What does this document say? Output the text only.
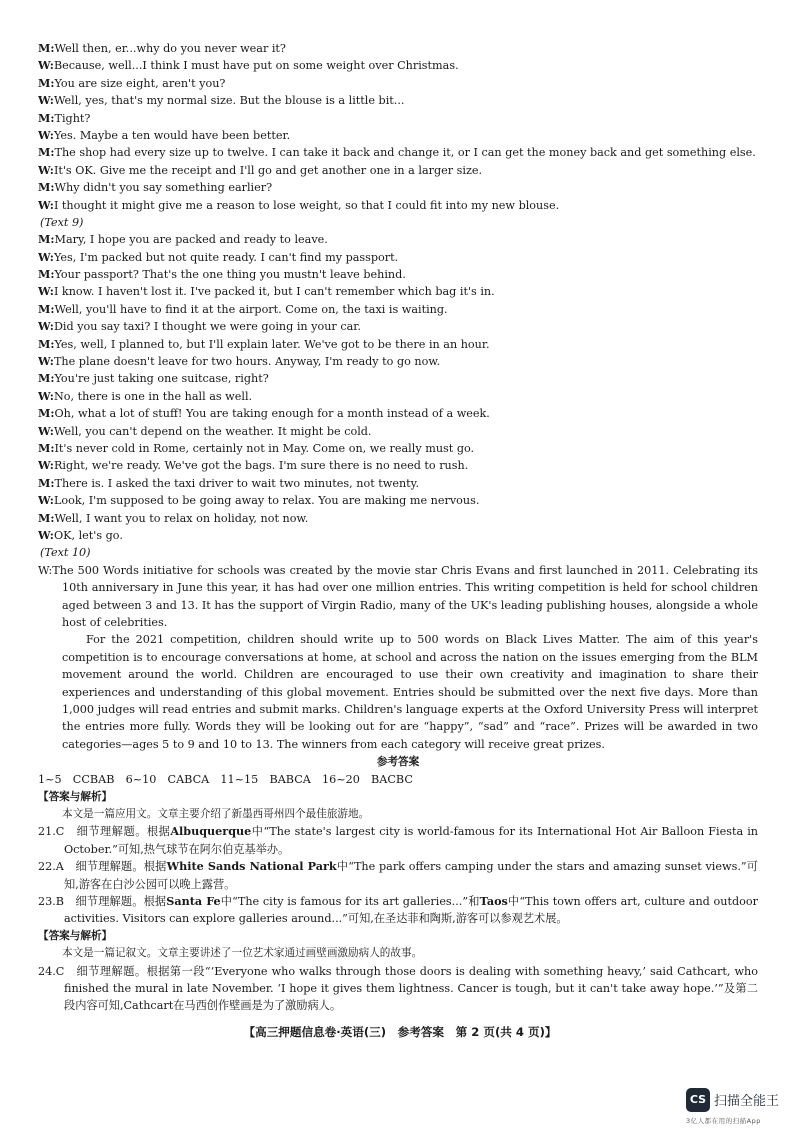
M:Well then, er...why do you never wear it?
W:Because, well...I think I must have put on some weight over Christmas.
M:You are size eight, aren't you?
W:Well, yes, that's my normal size. But the blouse is a little bit...
M:Tight?
W:Yes. Maybe a ten would have been better.
M:The shop had every size up to twelve. I can take it back and change it, or I can get the money back and get something else.
W:It's OK. Give me the receipt and I'll go and get another one in a larger size.
M:Why didn't you say something earlier?
W:I thought it might give me a reason to lose weight, so that I could fit into my new blouse.
(Text 9)
M:Mary, I hope you are packed and ready to leave.
W:Yes, I'm packed but not quite ready. I can't find my passport.
M:Your passport? That's the one thing you mustn't leave behind.
W:I know. I haven't lost it. I've packed it, but I can't remember which bag it's in.
M:Well, you'll have to find it at the airport. Come on, the taxi is waiting.
W:Did you say taxi? I thought we were going in your car.
M:Yes, well, I planned to, but I'll explain later. We've got to be there in an hour.
W:The plane doesn't leave for two hours. Anyway, I'm ready to go now.
M:You're just taking one suitcase, right?
W:No, there is one in the hall as well.
M:Oh, what a lot of stuff! You are taking enough for a month instead of a week.
W:Well, you can't depend on the weather. It might be cold.
M:It's never cold in Rome, certainly not in May. Come on, we really must go.
W:Right, we're ready. We've got the bags. I'm sure there is no need to rush.
M:There is. I asked the taxi driver to wait two minutes, not twenty.
W:Look, I'm supposed to be going away to relax. You are making me nervous.
M:Well, I want you to relax on holiday, not now.
W:OK, let's go.
(Text 10)
W:The 500 Words initiative for schools was created by the movie star Chris Evans and first launched in 2011. Celebrating its 10th anniversary in June this year, it has had over one million entries. This writing competition is held for school children aged between 3 and 13. It has the support of Virgin Radio, many of the UK's leading publishing houses, alongside a whole host of celebrities.
For the 2021 competition, children should write up to 500 words on Black Lives Matter. The aim of this year's competition is to encourage conversations at home, at school and across the nation on the issues emerging from the BLM movement around the world. Children are encouraged to use their own creativity and imagination to share their experiences and understanding of this global movement. Entries should be submitted over the next five days. More than 1,000 judges will read entries and submit marks. Children's language experts at the Oxford University Press will interpret the entries more fully. Words they will be looking out for are “happy”, “sad” and “race”. Prizes will be awarded in two categories—ages 5 to 9 and 10 to 13. The winners from each category will receive great prizes.
参考答案
1~5　CCBAB　6~10　CABCA　11~15　BABCA　16~20　BACBC
【答案与解析】
本文是一篇应用文。文章主要介绍了新墨西哥州四个最佳旅游地。
21.C　 细节理解题。根据Albuquerque中“The state's largest city is world-famous for its International Hot Air Balloon Fiesta in October.”可知,热气球节在阿尔伯克基举办。
22.A　 细节理解题。根据White Sands National Park中“The park offers camping under the stars and amazing sunset views.”可知,游客在白沙公园可以晚上露营。
23.B　 细节理解题。根据Santa Fe中“The city is famous for its art galleries...”和Taos中“This town offers art, culture and outdoor activities. Visitors can explore galleries around...”可知,在圣达菲和陶斯,游客可以参观艺术展。
【答案与解析】
本文是一篇记叙文。文章主要讲述了一位艺术家通过画壁画激励病人的故事。
24.C　 细节理解题。根据第一段“‘Everyone who walks through those doors is dealing with something heavy,’ said Cathcart, who finished the mural in late November. ‘I hope it gives them lightness. Cancer is tough, but it can't take away hope.’”及第二段内容可知,Cathcart在马西创作壁画是为了激励病人。
【高三押题信息卷·英语(三)　参考答案　第 2 页(共 4 页)】
CS 扫描全能王
3亿人都在用的扫描App
